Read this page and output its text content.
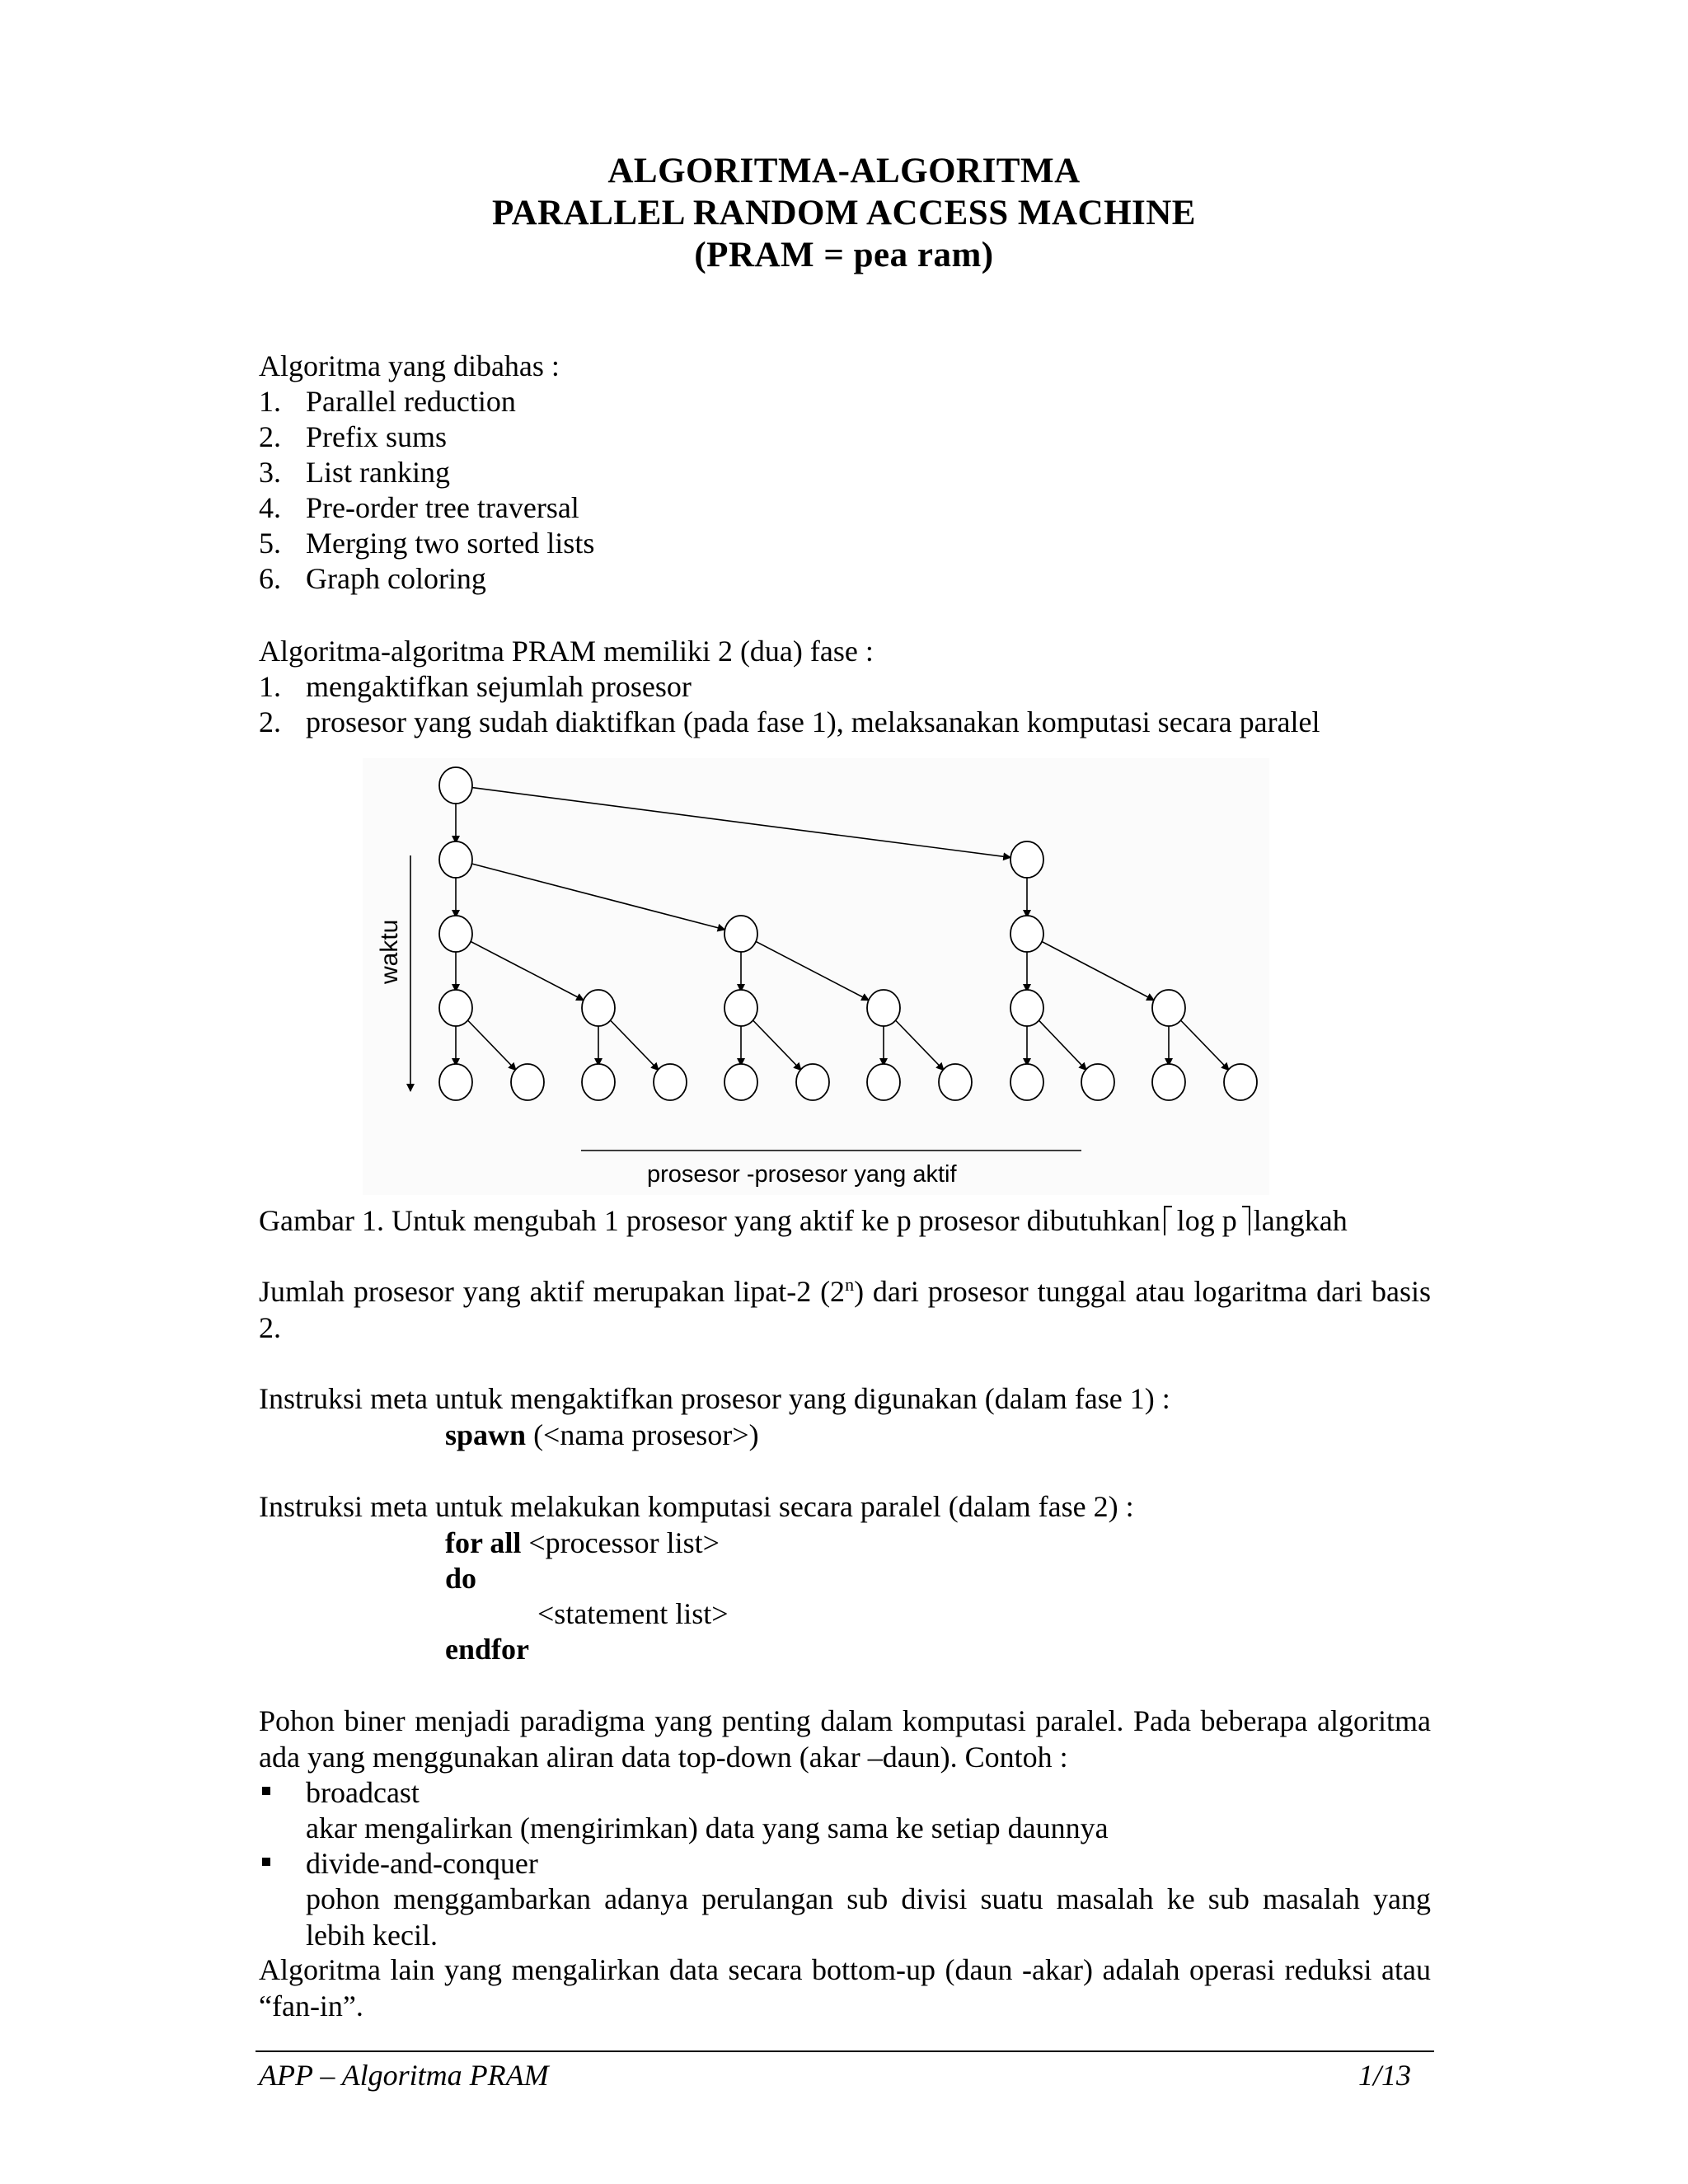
ALGORITMA-ALGORITMA
PARALLEL RANDOM ACCESS MACHINE
(PRAM = pea ram)
Algoritma yang dibahas :
1. Parallel reduction
2. Prefix sums
3. List ranking
4. Pre-order tree traversal
5. Merging two sorted lists
6. Graph coloring
Algoritma-algoritma PRAM memiliki 2 (dua) fase :
1. mengaktifkan sejumlah prosesor
2. prosesor yang sudah diaktifkan (pada fase 1), melaksanakan komputasi secara paralel
waktu
prosesor -prosesor yang aktif
Gambar 1. Untuk mengubah 1 prosesor yang aktif ke p prosesor dibutuhkan log p langkah
Jumlah prosesor yang aktif merupakan lipat-2 (2$^n$) dari prosesor tunggal atau logaritma dari basis 2.
Instruksi meta untuk mengaktifkan prosesor yang digunakan (dalam fase 1) :
spawn (<nama prosesor>)
Instruksi meta untuk melakukan komputasi secara paralel (dalam fase 2) :
for all <processor list>
do
<statement list>
endfor
Pohon biner menjadi paradigma yang penting dalam komputasi paralel. Pada beberapa algoritma ada yang menggunakan aliran data top-down (akar –daun). Contoh :
broadcast
akar mengalirkan (mengirimkan) data yang sama ke setiap daunnya
divide-and-conquer
pohon menggambarkan adanya perulangan sub divisi suatu masalah ke sub masalah yang lebih kecil.
Algoritma lain yang mengalirkan data secara bottom-up (daun -akar) adalah operasi reduksi atau “fan-in”.
APP – Algoritma PRAM	1/13
